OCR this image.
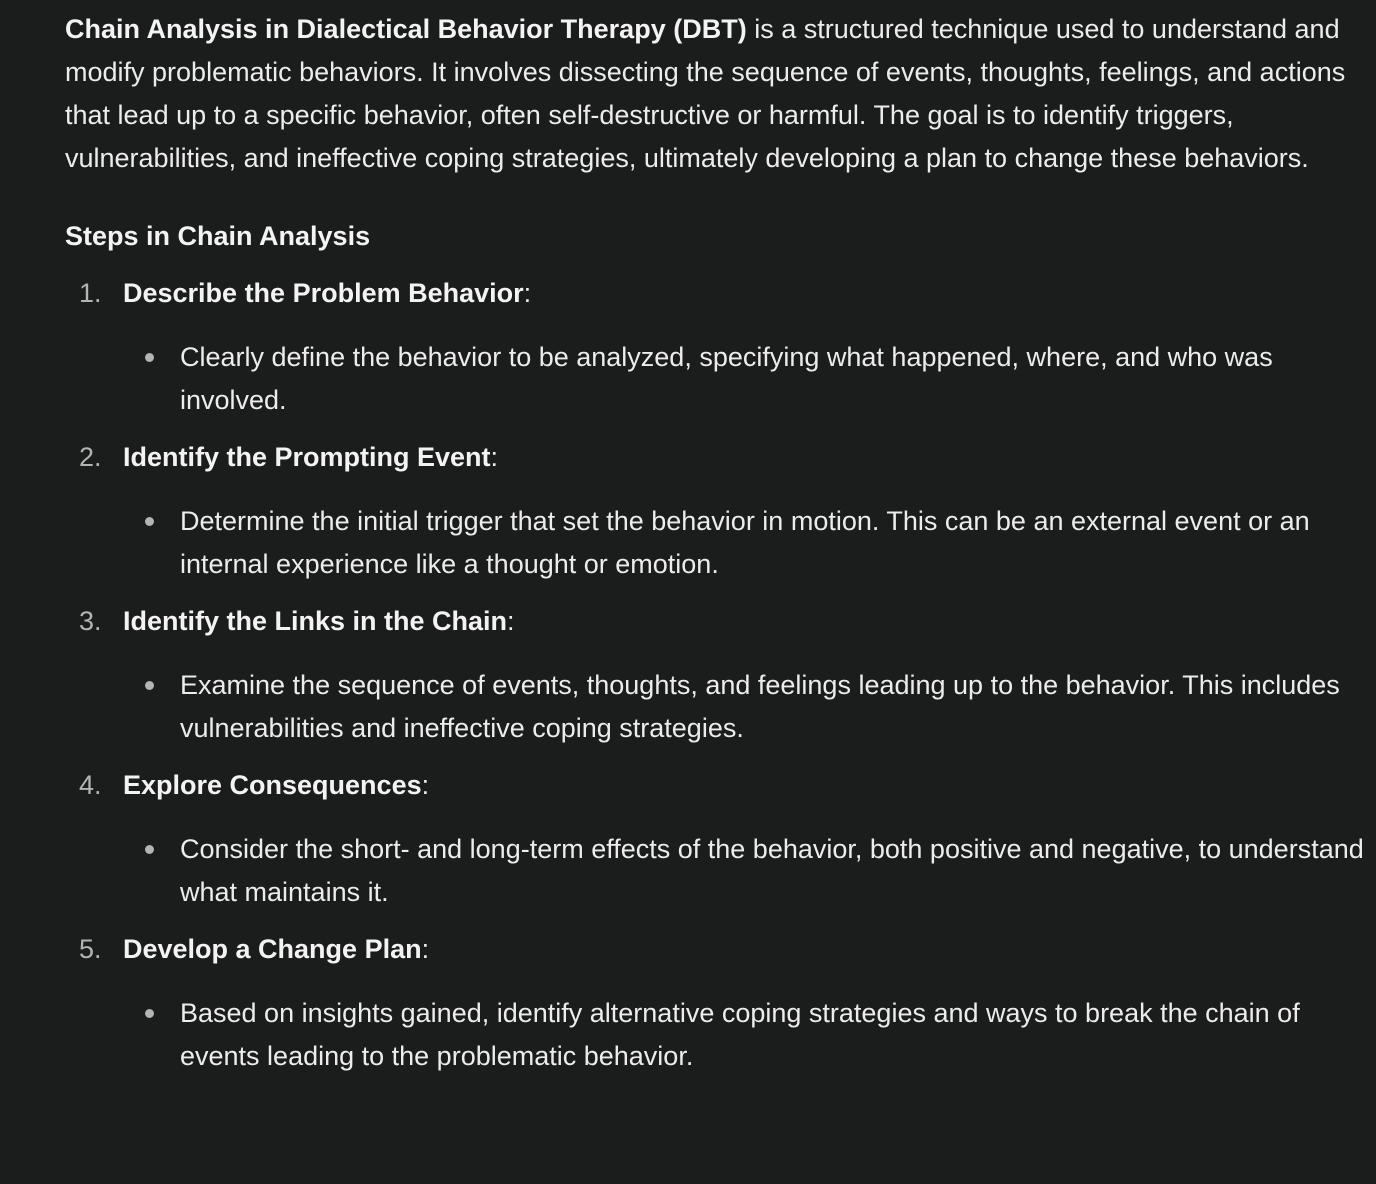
Chain Analysis in Dialectical Behavior Therapy (DBT) is a structured technique used to understand and modify problematic behaviors. It involves dissecting the sequence of events, thoughts, feelings, and actions that lead up to a specific behavior, often self-destructive or harmful. The goal is to identify triggers, vulnerabilities, and ineffective coping strategies, ultimately developing a plan to change these behaviors.

Steps in Chain Analysis

1. Describe the Problem Behavior:
Clearly define the behavior to be analyzed, specifying what happened, where, and who was involved.
2. Identify the Prompting Event:
Determine the initial trigger that set the behavior in motion. This can be an external event or an internal experience like a thought or emotion.
3. Identify the Links in the Chain:
Examine the sequence of events, thoughts, and feelings leading up to the behavior. This includes vulnerabilities and ineffective coping strategies.
4. Explore Consequences:
Consider the short- and long-term effects of the behavior, both positive and negative, to understand what maintains it.
5. Develop a Change Plan:
Based on insights gained, identify alternative coping strategies and ways to break the chain of events leading to the problematic behavior.
